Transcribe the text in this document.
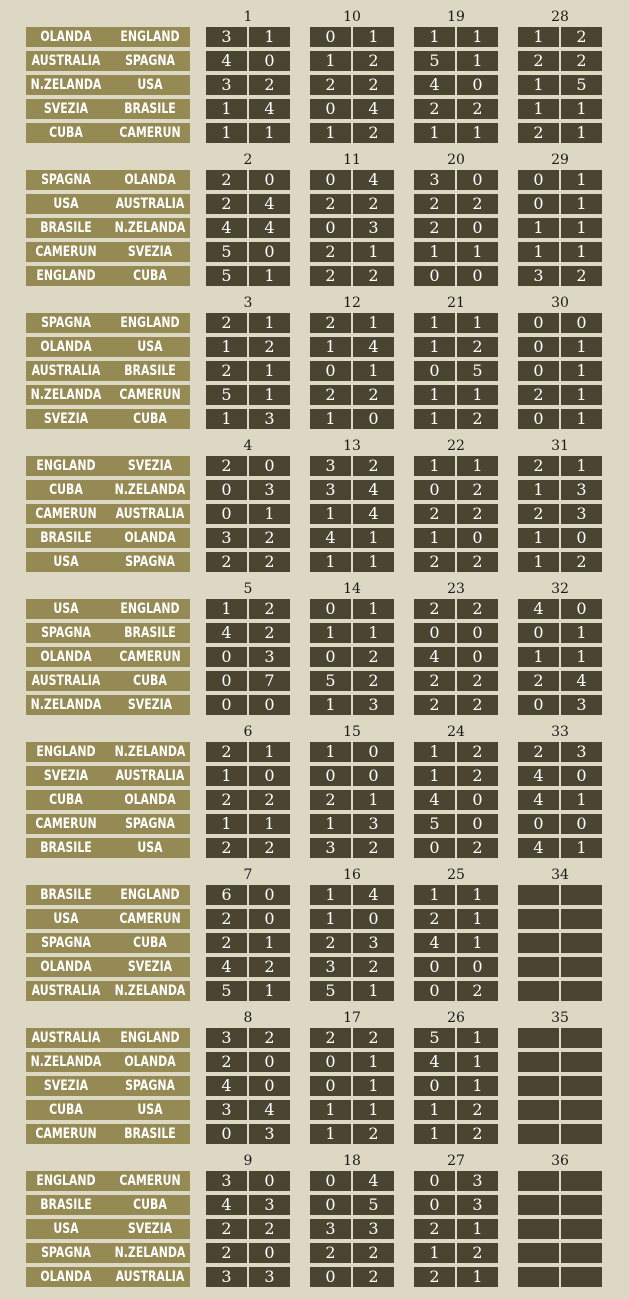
OLANDA	ENGLAND
AUSTRALIA	SPAGNA
N.ZELANDA	USA
SVEZIA	BRASILE
CUBA	CAMERUN
1
3	1
4	0
3	2
1	4
1	1
10
0	1
1	2
2	2
0	4
1	2
19
1	1
5	1
4	0
2	2
1	1
28
1	2
2	2
1	5
1	1
2	1
SPAGNA	OLANDA
USA	AUSTRALIA
BRASILE	N.ZELANDA
CAMERUN	SVEZIA
ENGLAND	CUBA
2
2	0
2	4
4	4
5	0
5	1
11
0	4
2	2
0	3
2	1
2	2
20
3	0
2	2
2	0
1	1
0	0
29
0	1
0	1
1	1
1	1
3	2
SPAGNA	ENGLAND
OLANDA	USA
AUSTRALIA	BRASILE
N.ZELANDA	CAMERUN
SVEZIA	CUBA
3
2	1
1	2
2	1
5	1
1	3
12
2	1
1	4
0	1
2	2
1	0
21
1	1
1	2
0	5
1	1
1	2
30
0	0
0	1
0	1
2	1
0	1
ENGLAND	SVEZIA
CUBA	N.ZELANDA
CAMERUN	AUSTRALIA
BRASILE	OLANDA
USA	SPAGNA
4
2	0
0	3
0	1
3	2
2	2
13
3	2
3	4
1	4
4	1
1	1
22
1	1
0	2
2	2
1	0
2	2
31
2	1
1	3
2	3
1	0
1	2
USA	ENGLAND
SPAGNA	BRASILE
OLANDA	CAMERUN
AUSTRALIA	CUBA
N.ZELANDA	SVEZIA
5
1	2
4	2
0	3
0	7
0	0
14
0	1
1	1
0	2
5	2
1	3
23
2	2
0	0
4	0
2	2
2	2
32
4	0
0	1
1	1
2	4
0	3
ENGLAND	N.ZELANDA
SVEZIA	AUSTRALIA
CUBA	OLANDA
CAMERUN	SPAGNA
BRASILE	USA
6
2	1
1	0
2	2
1	1
2	2
15
1	0
0	0
2	1
1	3
3	2
24
1	2
1	2
4	0
5	0
0	2
33
2	3
4	0
4	1
0	0
4	1
BRASILE	ENGLAND
USA	CAMERUN
SPAGNA	CUBA
OLANDA	SVEZIA
AUSTRALIA N.ZELANDA
7
6	0
2	0
2	1
4	2
5	1
16
1	4
1	0
2	3
3	2
5	1
25
1	1
2	1
4	1
0	0
0	2
34
AUSTRALIA	ENGLAND
N.ZELANDA	OLANDA
SVEZIA	SPAGNA
CUBA	USA
CAMERUN	BRASILE
8
3	2
2	0
4	0
3	4
0	3
17
2	2
0	1
0	1
1	1
1	2
26
5	1
4	1
0	1
1	2
1	2
35
ENGLAND	CAMERUN
BRASILE	CUBA
USA	SVEZIA
SPAGNA	N.ZELANDA
OLANDA	AUSTRALIA
9
3	0
4	3
2	2
2	0
3	3
18
0	4
0	5
3	3
2	2
0	2
27
0	3
0	3
2	1
1	2
2	1
36
